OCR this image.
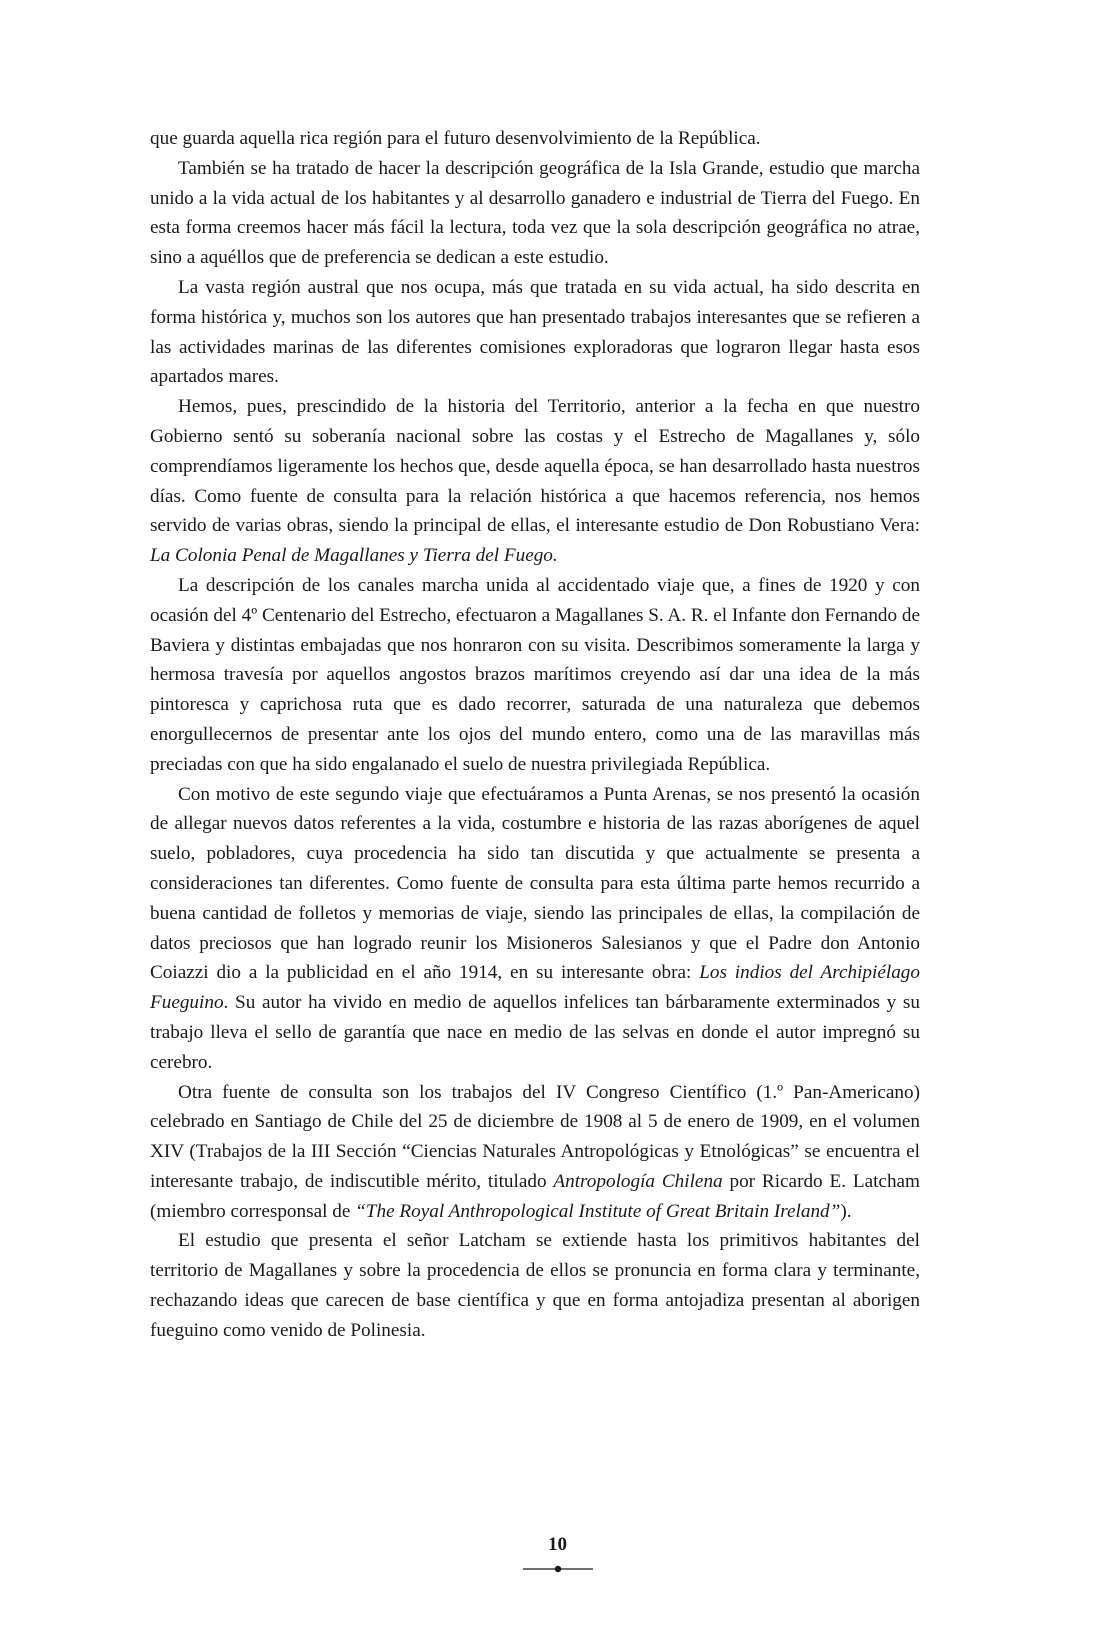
que guarda aquella rica región para el futuro desenvolvimiento de la República.

También se ha tratado de hacer la descripción geográfica de la Isla Grande, estudio que marcha unido a la vida actual de los habitantes y al desarrollo ganadero e industrial de Tierra del Fuego. En esta forma creemos hacer más fácil la lectura, toda vez que la sola descripción geográfica no atrae, sino a aquéllos que de preferencia se dedican a este estudio.

La vasta región austral que nos ocupa, más que tratada en su vida actual, ha sido descrita en forma histórica y, muchos son los autores que han presentado trabajos interesantes que se refieren a las actividades marinas de las diferentes comisiones exploradoras que lograron llegar hasta esos apartados mares.

Hemos, pues, prescindido de la historia del Territorio, anterior a la fecha en que nuestro Gobierno sentó su soberanía nacional sobre las costas y el Estrecho de Magallanes y, sólo comprendíamos ligeramente los hechos que, desde aquella época, se han desarrollado hasta nuestros días. Como fuente de consulta para la relación histórica a que hacemos referencia, nos hemos servido de varias obras, siendo la principal de ellas, el interesante estudio de Don Robustiano Vera: La Colonia Penal de Magallanes y Tierra del Fuego.

La descripción de los canales marcha unida al accidentado viaje que, a fines de 1920 y con ocasión del 4º Centenario del Estrecho, efectuaron a Magallanes S. A. R. el Infante don Fernando de Baviera y distintas embajadas que nos honraron con su visita. Describimos someramente la larga y hermosa travesía por aquellos angostos brazos marítimos creyendo así dar una idea de la más pintoresca y caprichosa ruta que es dado recorrer, saturada de una naturaleza que debemos enorgullecernos de presentar ante los ojos del mundo entero, como una de las maravillas más preciadas con que ha sido engalanado el suelo de nuestra privilegiada República.

Con motivo de este segundo viaje que efectuáramos a Punta Arenas, se nos presentó la ocasión de allegar nuevos datos referentes a la vida, costumbre e historia de las razas aborígenes de aquel suelo, pobladores, cuya procedencia ha sido tan discutida y que actualmente se presenta a consideraciones tan diferentes. Como fuente de consulta para esta última parte hemos recurrido a buena cantidad de folletos y memorias de viaje, siendo las principales de ellas, la compilación de datos preciosos que han logrado reunir los Misioneros Salesianos y que el Padre don Antonio Coiazzi dio a la publicidad en el año 1914, en su interesante obra: Los indios del Archipiélago Fueguino. Su autor ha vivido en medio de aquellos infelices tan bárbaramente exterminados y su trabajo lleva el sello de garantía que nace en medio de las selvas en donde el autor impregnó su cerebro.

Otra fuente de consulta son los trabajos del IV Congreso Científico (1.º Pan-Americano) celebrado en Santiago de Chile del 25 de diciembre de 1908 al 5 de enero de 1909, en el volumen XIV (Trabajos de la III Sección “Ciencias Naturales Antropológicas y Etnológicas” se encuentra el interesante trabajo, de indiscutible mérito, titulado Antropología Chilena por Ricardo E. Latcham (miembro corresponsal de “The Royal Anthropological Institute of Great Britain Ireland”).

El estudio que presenta el señor Latcham se extiende hasta los primitivos habitantes del territorio de Magallanes y sobre la procedencia de ellos se pronuncia en forma clara y terminante, rechazando ideas que carecen de base científica y que en forma antojadiza presentan al aborigen fueguino como venido de Polinesia.

10
